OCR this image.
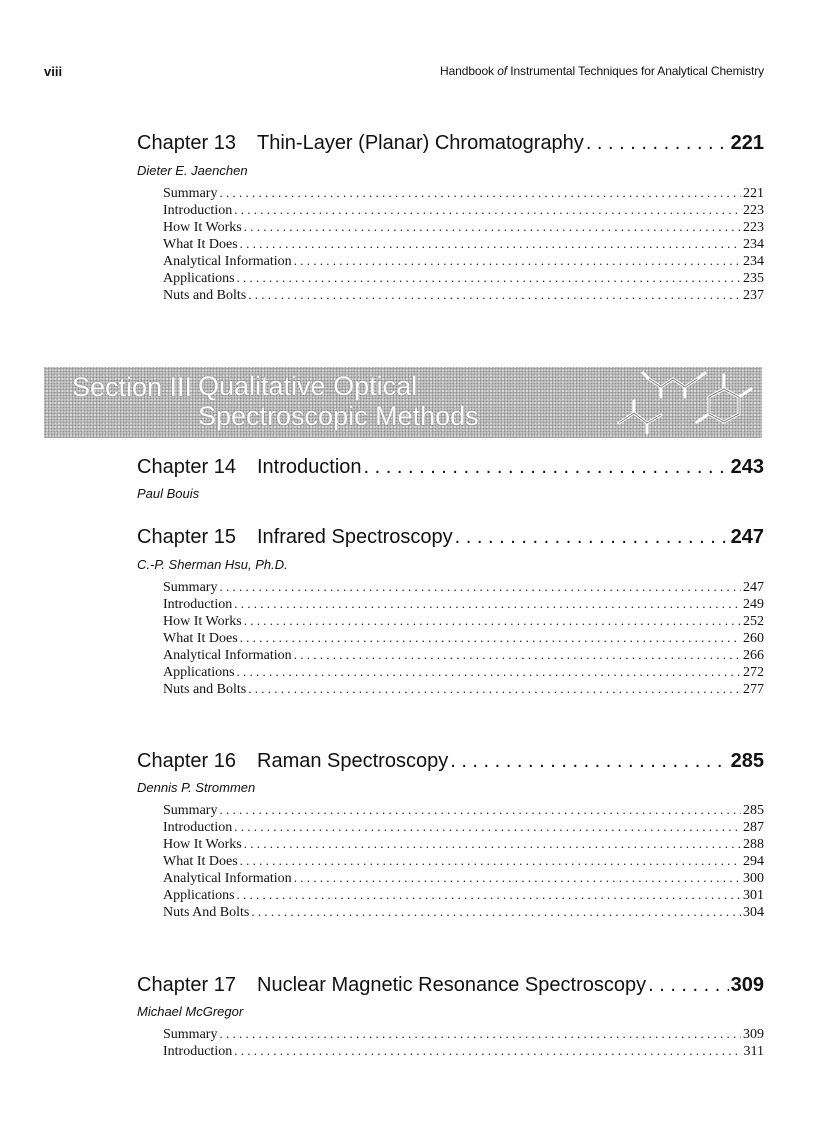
viii	Handbook of Instrumental Techniques for Analytical Chemistry
Chapter 13	Thin-Layer (Planar) Chromatography . . .	221
Dieter E. Jaenchen
Summary . . .	221
Introduction . . .	223
How It Works . . .	223
What It Does . . .	234
Analytical Information . . .	234
Applications . . .	235
Nuts and Bolts . . .	237
Section III Qualitative Optical
Spectroscopic Methods
Chapter 14	Introduction . . .	243
Paul Bouis
Chapter 15	Infrared Spectroscopy . . .	247
C.-P. Sherman Hsu, Ph.D.
Summary . . .	247
Introduction . . .	249
How It Works . . .	252
What It Does . . .	260
Analytical Information . . .	266
Applications . . .	272
Nuts and Bolts . . .	277
Chapter 16	Raman Spectroscopy . . .	285
Dennis P. Strommen
Summary . . .	285
Introduction . . .	287
How It Works . . .	288
What It Does . . .	294
Analytical Information . . .	300
Applications . . .	301
Nuts And Bolts . . .	304
Chapter 17	Nuclear Magnetic Resonance Spectroscopy . . .	309
Michael McGregor
Summary . . .	309
Introduction . . .	311
